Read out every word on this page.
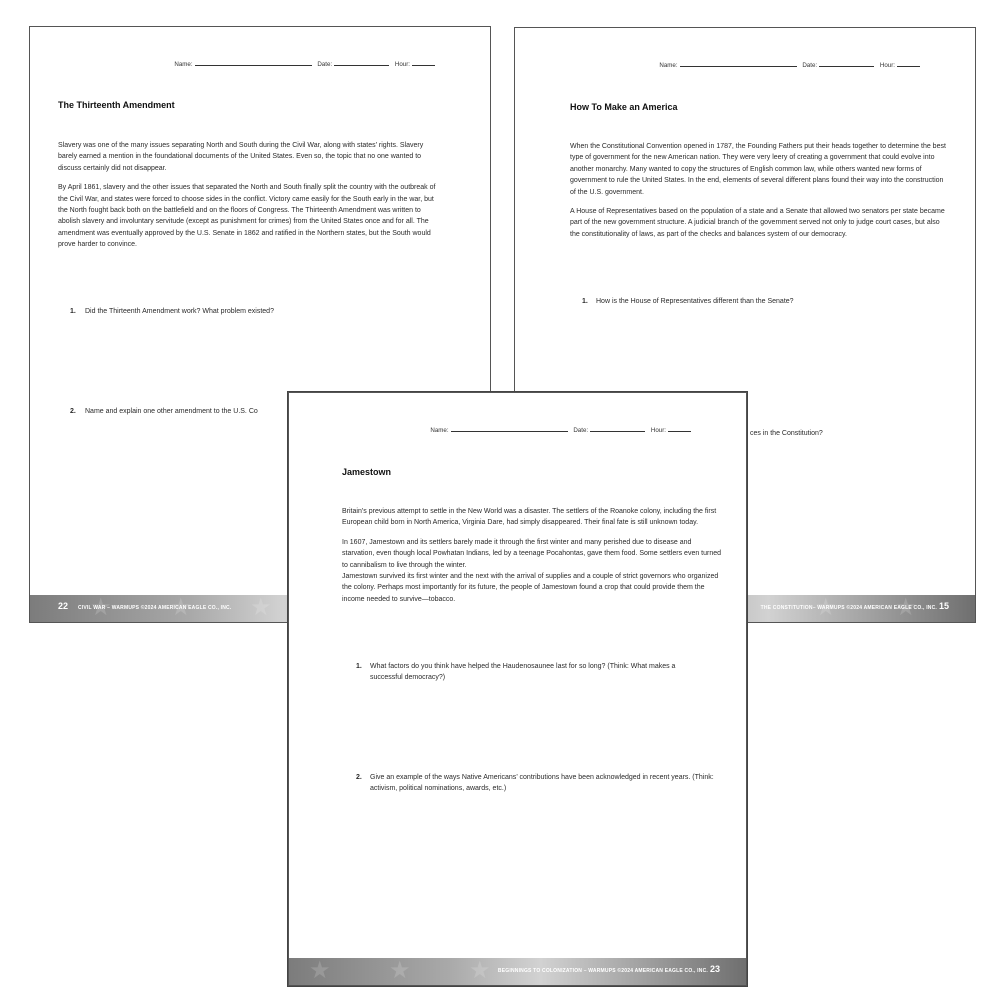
Name:	Date:	Hour:
The Thirteenth Amendment

Slavery was one of the many issues separating North and South during the Civil War, along with states’ rights. Slavery barely earned a mention in the foundational documents of the United States. Even so, the topic that no one wanted to discuss certainly did not disappear.

By April 1861, slavery and the other issues that separated the North and South finally split the country with the outbreak of the Civil War, and states were forced to choose sides in the conflict. Victory came easily for the South early in the war, but the North fought back both on the battlefield and on the floors of Congress. The Thirteenth Amendment was written to abolish slavery and involuntary servitude (except as punishment for crimes) from the United States once and for all. The amendment was eventually approved by the U.S. Senate in 1862 and ratified in the Northern states, but the South would prove harder to convince.

1. Did the Thirteenth Amendment work? What problem existed?
2. Name and explain one other amendment to the U.S. Co
★ ★ ★
22 CIVIL WAR – WARMUPS ©2024 AMERICAN EAGLE CO., INC.
Name:	Date:	Hour:
How To Make an America

When the Constitutional Convention opened in 1787, the Founding Fathers put their heads together to determine the best type of government for the new American nation. They were very leery of creating a government that could evolve into another monarchy. Many wanted to copy the structures of English common law, while others wanted new forms of government to rule the United States. In the end, elements of several different plans found their way into the construction of the U.S. government.

A House of Representatives based on the population of a state and a Senate that allowed two senators per state became part of the new government structure. A judicial branch of the government served not only to judge court cases, but also the constitutionality of laws, as part of the checks and balances system of our democracy.

1. How is the House of Representatives different than the Senate?
ces in the Constitution?
★ ★
THE CONSTITUTION– WARMUPS ©2024 AMERICAN EAGLE CO., INC. 15
Name:	Date:	Hour:
Jamestown

Britain’s previous attempt to settle in the New World was a disaster. The settlers of the Roanoke colony, including the first European child born in North America, Virginia Dare, had simply disappeared. Their final fate is still unknown today.

In 1607, Jamestown and its settlers barely made it through the first winter and many perished due to disease and starvation, even though local Powhatan Indians, led by a teenage Pocahontas, gave them food. Some settlers even turned to cannibalism to live through the winter.

Jamestown survived its first winter and the next with the arrival of supplies and a couple of strict governors who organized the colony. Perhaps most importantly for its future, the people of Jamestown found a crop that could provide them the income needed to survive—tobacco.

1.	What factors do you think have helped the Haudenosaunee last for so long? (Think: What makes a successful democracy?)
2.	Give an example of the ways Native Americans’ contributions have been acknowledged in recent years. (Think: activism, political nominations, awards, etc.)
★ ★ ★ BEGINNINGS TO COLONIZATION – WARMUPS ©2024 AMERICAN EAGLE CO., INC. 23
